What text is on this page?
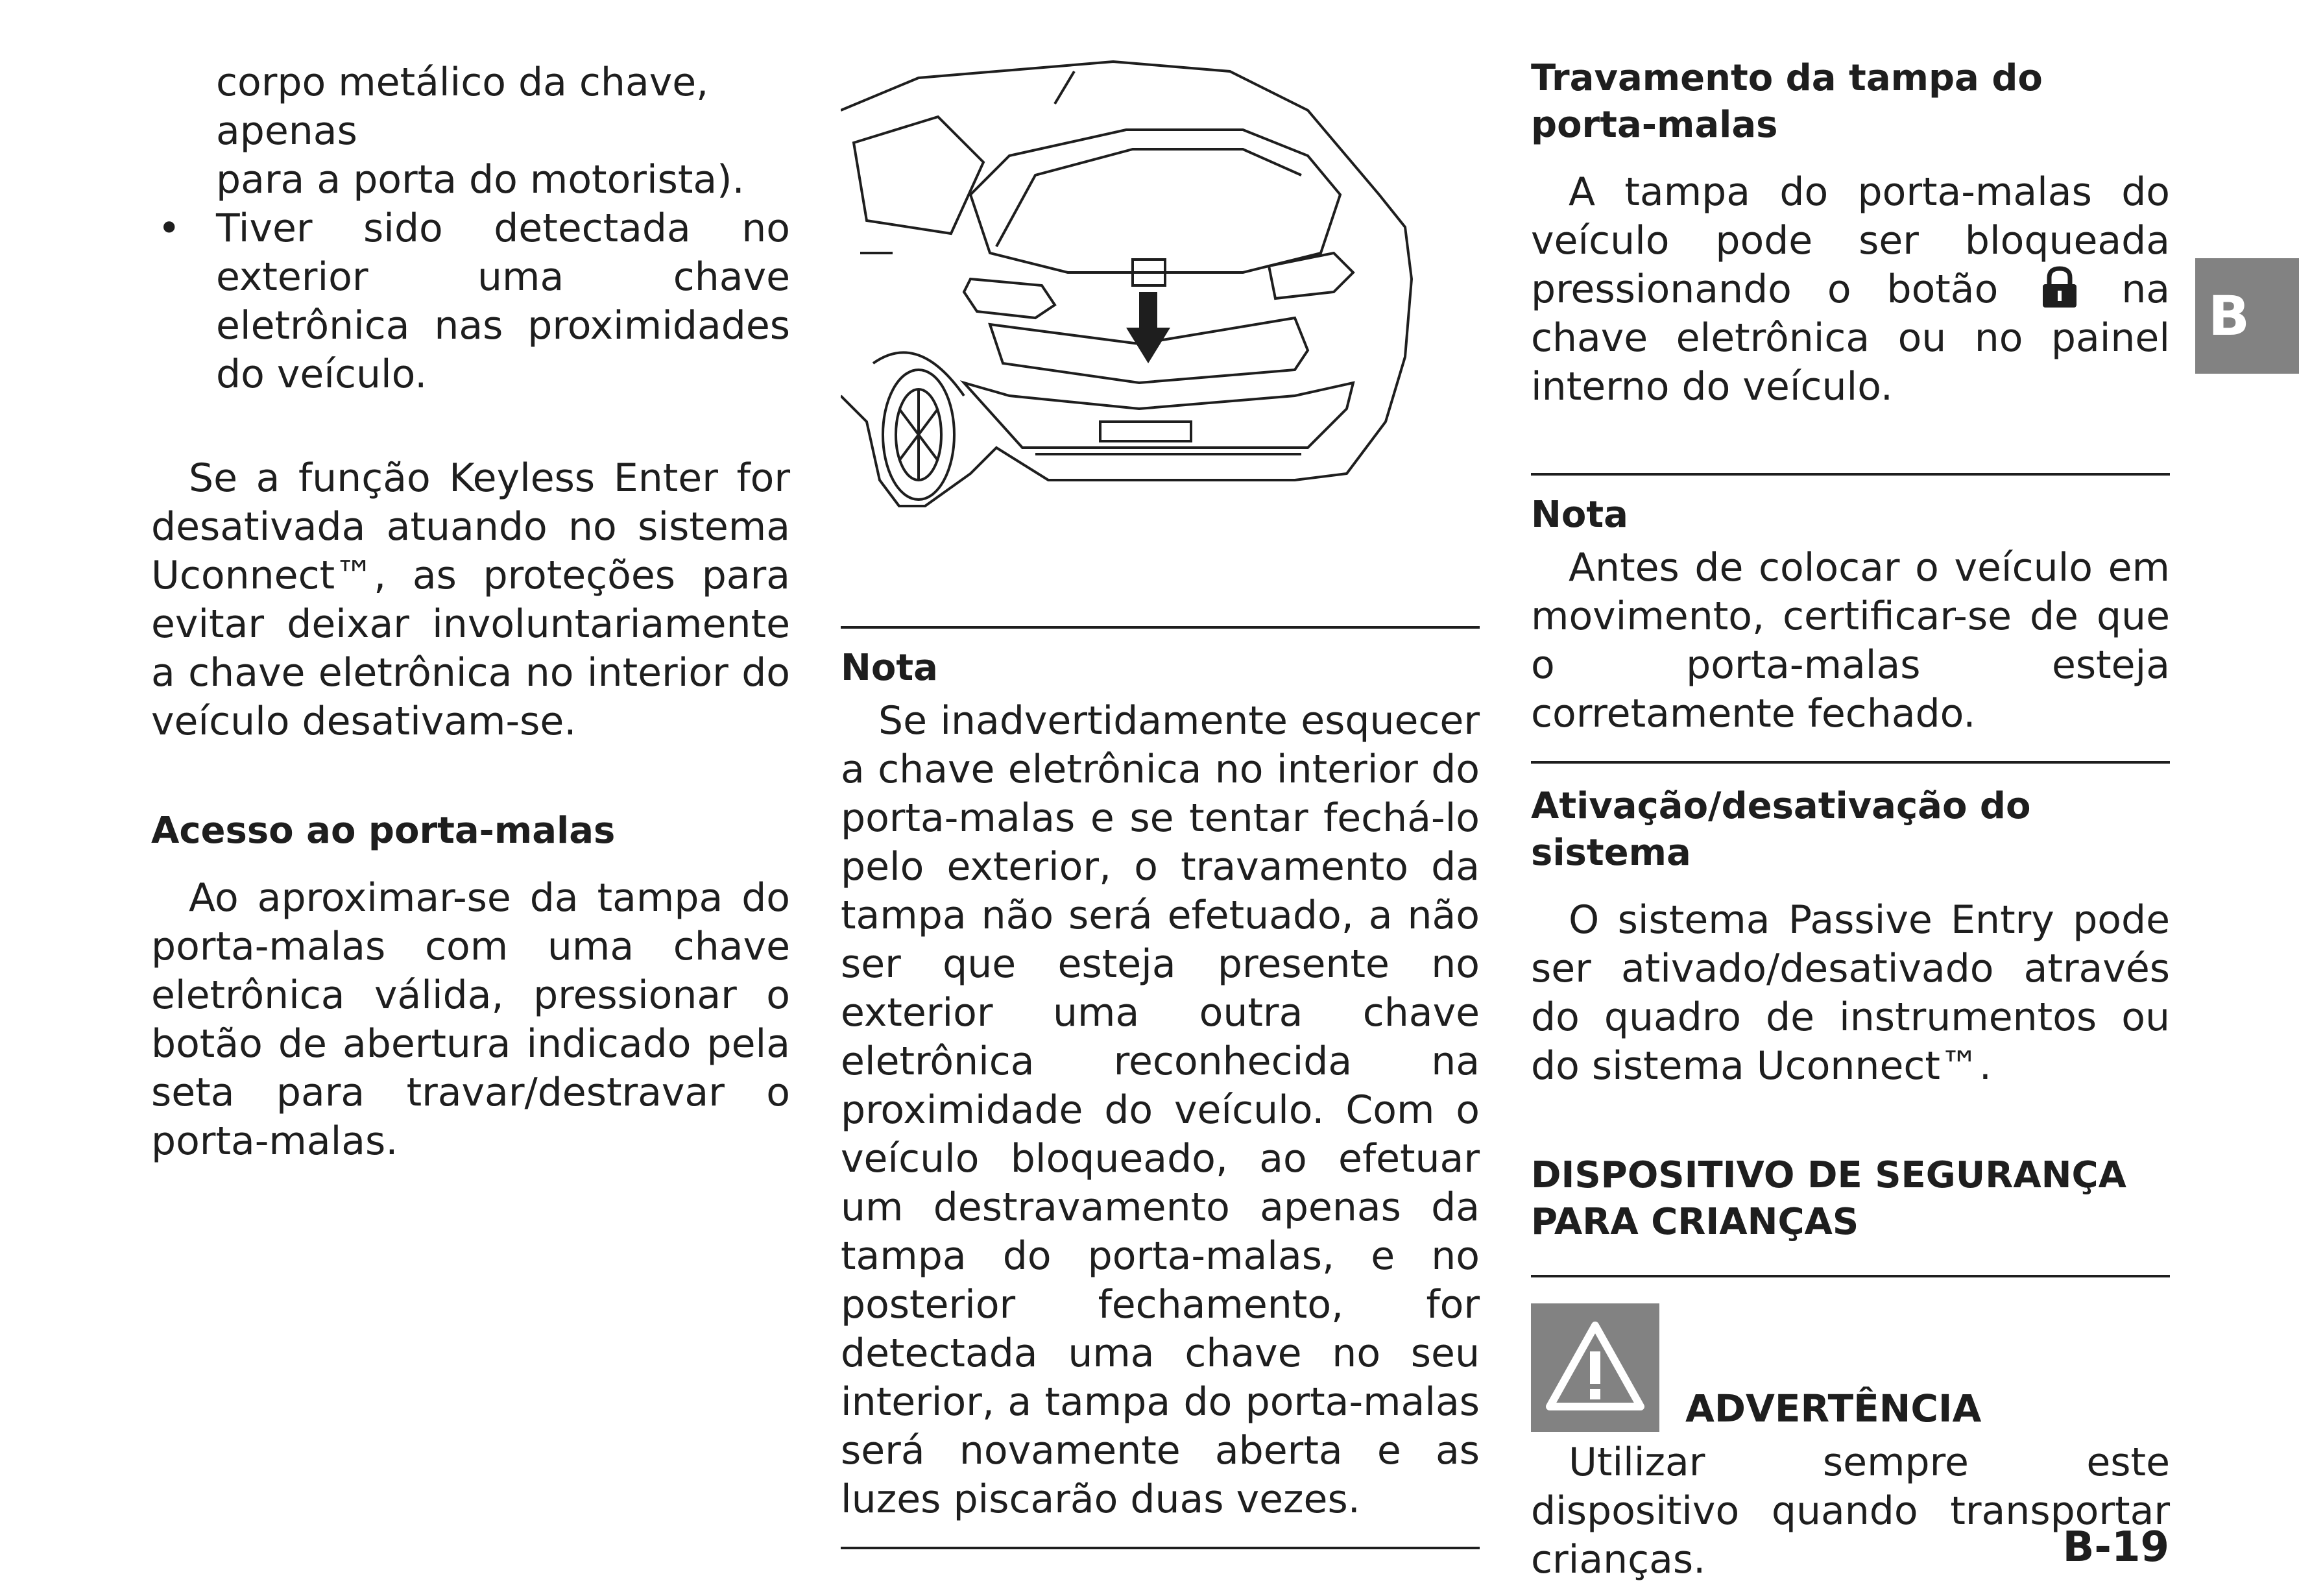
corpo metálico da chave, apenas

para a porta do motorista).

• Tiver sido detectada no exterior uma chave eletrônica nas proximidades do veículo.

Se a função Keyless Enter for desativada atuando no sistema Uconnect™, as proteções para evitar deixar involuntariamente a chave eletrônica no interior do veículo desativam-se.

Acesso ao porta-malas

Ao aproximar-se da tampa do porta-malas com uma chave eletrônica válida, pressionar o botão de abertura indicado pela seta para travar/destravar o porta-malas.

Nota

Se inadvertidamente esquecer a chave eletrônica no interior do porta-malas e se tentar fechá-lo pelo exterior, o travamento da tampa não será efetuado, a não ser que esteja presente no exterior uma outra chave eletrônica reconhecida na proximidade do veículo. Com o veículo bloqueado, ao efetuar um destravamento apenas da tampa do porta-malas, e no posterior fechamento, for detectada uma chave no seu interior, a tampa do porta-malas será novamente aberta e as luzes piscarão duas vezes.

Travamento da tampa do porta-malas

A tampa do porta-malas do veículo pode ser bloqueada pressionando o botão	na chave eletrônica ou no painel interno do veículo.

Nota

Antes de colocar o veículo em movimento, certificar-se de que o porta-malas esteja corretamente fechado.

Ativação/desativação do sistema

O sistema Passive Entry pode ser ativado/desativado através do quadro de instrumentos ou do sistema Uconnect™.

DISPOSITIVO DE SEGURANÇA PARA CRIANÇAS

ADVERTÊNCIA

Utilizar sempre este dispositivo quando transportar crianças.

B
B-19
